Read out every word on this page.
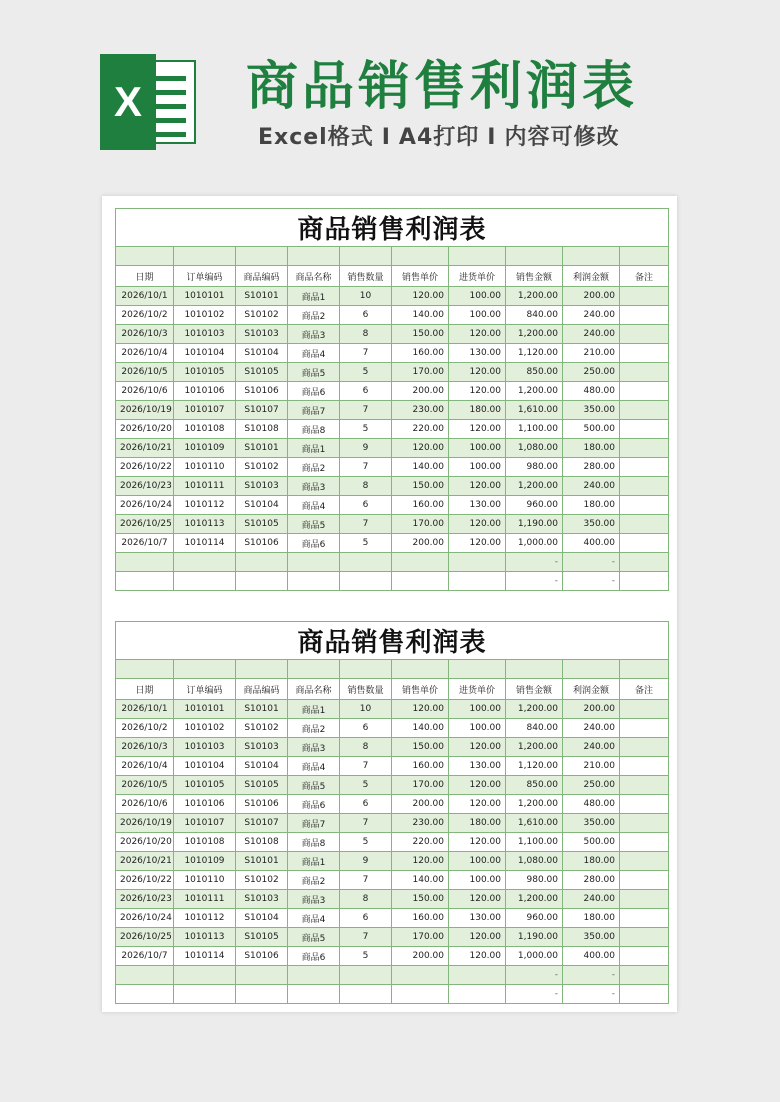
X 商品销售利润表
Excel格式 I A4打印 I 内容可修改
商品销售利润表									

日期	订单编码	商品编码	商品名称	销售数量	销售单价	进货单价	销售金额	利润金额	备注
2026/10/1	1010101	S10101	商品1	10	120.00	100.00	1,200.00	200.00	
2026/10/2	1010102	S10102	商品2	6	140.00	100.00	840.00	240.00	
2026/10/3	1010103	S10103	商品3	8	150.00	120.00	1,200.00	240.00	
2026/10/4	1010104	S10104	商品4	7	160.00	130.00	1,120.00	210.00	
2026/10/5	1010105	S10105	商品5	5	170.00	120.00	850.00	250.00	
2026/10/6	1010106	S10106	商品6	6	200.00	120.00	1,200.00	480.00	
2026/10/19	1010107	S10107	商品7	7	230.00	180.00	1,610.00	350.00	
2026/10/20	1010108	S10108	商品8	5	220.00	120.00	1,100.00	500.00	
2026/10/21	1010109	S10101	商品1	9	120.00	100.00	1,080.00	180.00	
2026/10/22	1010110	S10102	商品2	7	140.00	100.00	980.00	280.00	
2026/10/23	1010111	S10103	商品3	8	150.00	120.00	1,200.00	240.00	
2026/10/24	1010112	S10104	商品4	6	160.00	130.00	960.00	180.00	
2026/10/25	1010113	S10105	商品5	7	170.00	120.00	1,190.00	350.00	
2026/10/7	1010114	S10106	商品6	5	200.00	120.00	1,000.00	400.00	
							-	-	
							-	-	
商品销售利润表									

日期	订单编码	商品编码	商品名称	销售数量	销售单价	进货单价	销售金额	利润金额	备注
2026/10/1	1010101	S10101	商品1	10	120.00	100.00	1,200.00	200.00	
2026/10/2	1010102	S10102	商品2	6	140.00	100.00	840.00	240.00	
2026/10/3	1010103	S10103	商品3	8	150.00	120.00	1,200.00	240.00	
2026/10/4	1010104	S10104	商品4	7	160.00	130.00	1,120.00	210.00	
2026/10/5	1010105	S10105	商品5	5	170.00	120.00	850.00	250.00	
2026/10/6	1010106	S10106	商品6	6	200.00	120.00	1,200.00	480.00	
2026/10/19	1010107	S10107	商品7	7	230.00	180.00	1,610.00	350.00	
2026/10/20	1010108	S10108	商品8	5	220.00	120.00	1,100.00	500.00	
2026/10/21	1010109	S10101	商品1	9	120.00	100.00	1,080.00	180.00	
2026/10/22	1010110	S10102	商品2	7	140.00	100.00	980.00	280.00	
2026/10/23	1010111	S10103	商品3	8	150.00	120.00	1,200.00	240.00	
2026/10/24	1010112	S10104	商品4	6	160.00	130.00	960.00	180.00	
2026/10/25	1010113	S10105	商品5	7	170.00	120.00	1,190.00	350.00	
2026/10/7	1010114	S10106	商品6	5	200.00	120.00	1,000.00	400.00	
							-	-	
							-	-	
